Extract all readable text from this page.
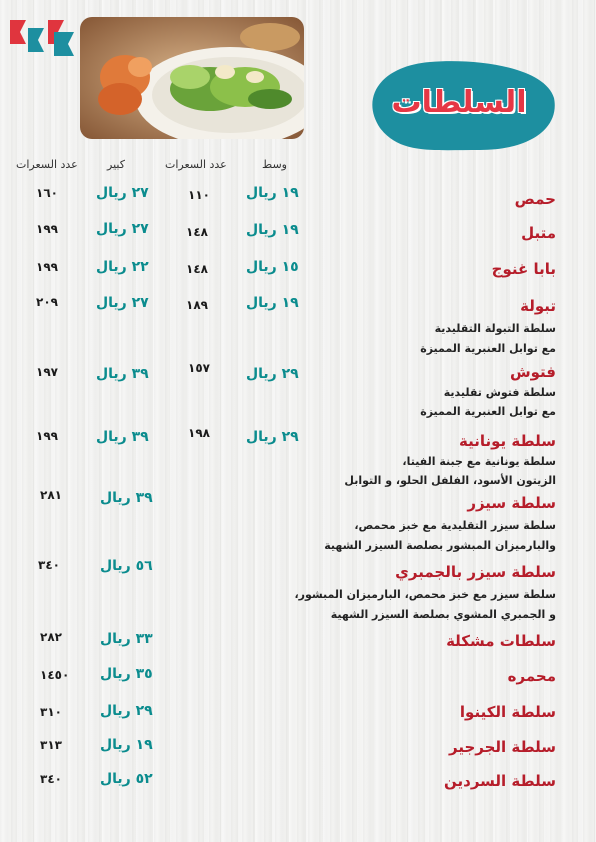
السلطات
وسط
عدد السعرات
كبير
عدد السعرات
حمص
١٩ ريال
١١٠
٢٧ ريال
١٦٠
متبل
١٩ ريال
١٤٨
٢٧ ريال
١٩٩
بابا غنوج
١٥ ريال
١٤٨
٢٢ ريال
١٩٩
تبولة
سلطة التبولة التقليدية
مع توابل العنبرية المميزة
١٩ ريال
١٨٩
٢٧ ريال
٢٠٩
فتوش
سلطة فتوش تقليدية
مع توابل العنبرية المميزة
٢٩ ريال
١٥٧
٣٩ ريال
١٩٧
سلطة يونانية
سلطة يونانية مع جبنة الفيتا،
الزيتون الأسود، الفلفل الحلو، و التوابل
٢٩ ريال
١٩٨
٣٩ ريال
١٩٩
سلطة سيزر
سلطة سيزر التقليدية مع خبز محمص،
والبارميزان المبشور بصلصة السيزر الشهية
٣٩ ريال
٢٨١
سلطة سيزر بالجمبري
سلطة سيزر مع خبز محمص، البارميزان المبشور،
و الجمبري المشوي بصلصة السيزر الشهية
٥٦ ريال
٣٤٠
سلطات مشكلة
٣٣ ريال
٢٨٢
محمره
٣٥ ريال
١٤٥٠
سلطة الكينوا
٢٩ ريال
٣١٠
سلطة الجرجير
١٩ ريال
٣١٣
سلطة السردين
٥٢ ريال
٣٤٠
